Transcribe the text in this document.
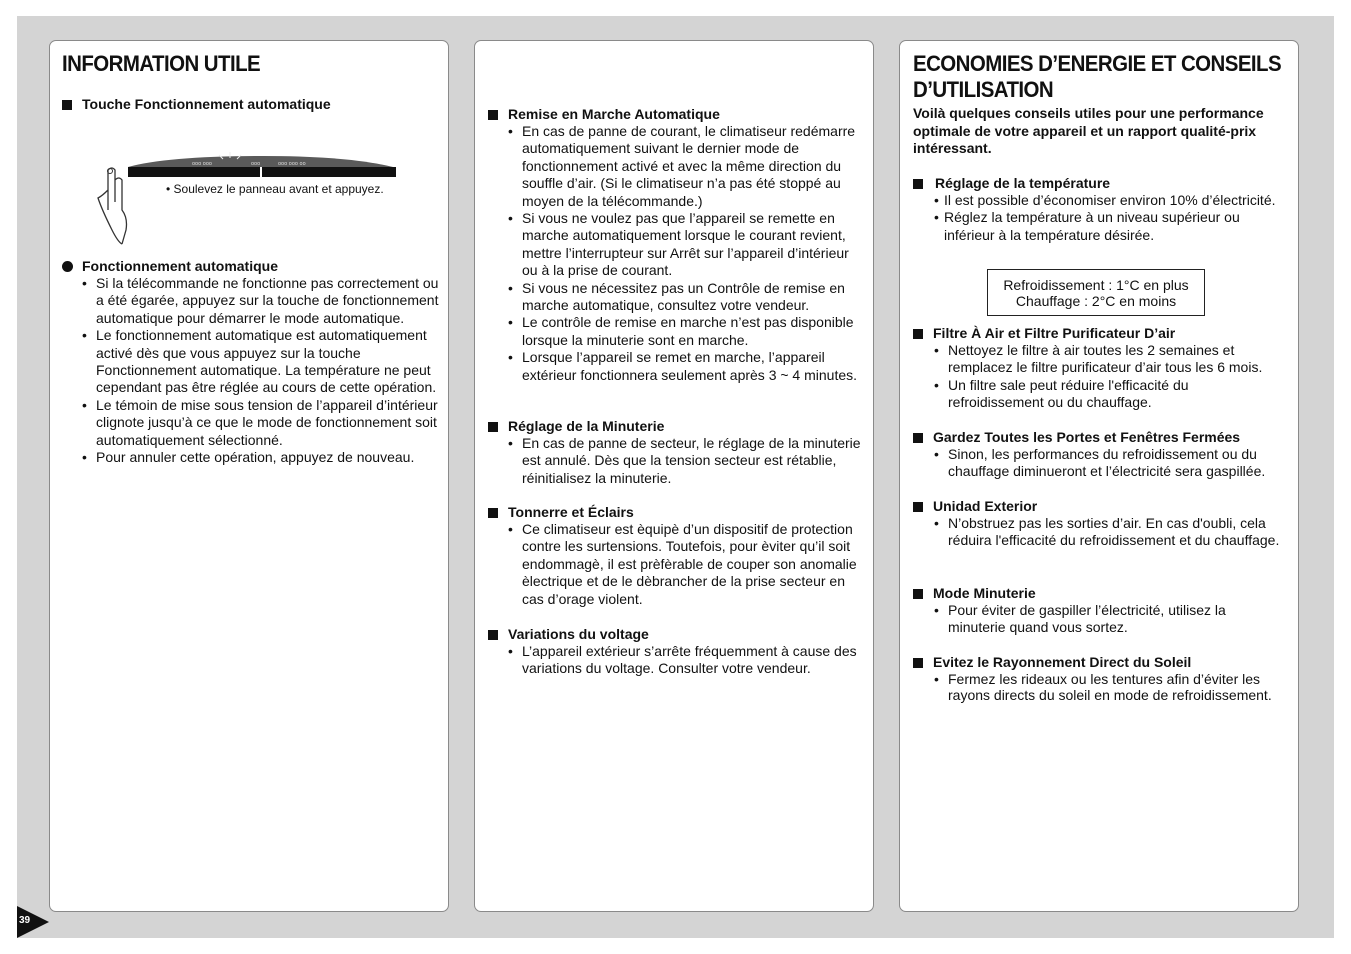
INFORMATION UTILE
Touche Fonctionnement automatique
ooo ooo	ooo	ooo ooo oo
• Soulevez le panneau avant et appuyez.
Fonctionnement automatique
• Si la télécommande ne fonctionne pas correctement ou a été égarée, appuyez sur la touche de fonctionnement automatique pour démarrer le mode automatique.
• Le fonctionnement automatique est automatiquement activé dès que vous appuyez sur la touche Fonctionnement automatique. La température ne peut cependant pas être réglée au cours de cette opération.
• Le témoin de mise sous tension de l’appareil d’intérieur clignote jusqu’à ce que le mode de fonctionnement soit automatiquement sélectionné.
• Pour annuler cette opération, appuyez de nouveau.
Remise en Marche Automatique
• En cas de panne de courant, le climatiseur redémarre automatiquement suivant le dernier mode de fonctionnement activé et avec la même direction du souffle d’air. (Si le climatiseur n’a pas été stoppé au moyen de la télécommande.)
• Si vous ne voulez pas que l’appareil se remette en marche automatiquement lorsque le courant revient, mettre l’interrupteur sur Arrêt sur l’appareil d’intérieur ou à la prise de courant.
• Si vous ne nécessitez pas un Contrôle de remise en marche automatique, consultez votre vendeur.
• Le contrôle de remise en marche n’est pas disponible lorsque la minuterie sont en marche.
• Lorsque l’appareil se remet en marche, l’appareil extérieur fonctionnera seulement après 3 ~ 4 minutes.
Réglage de la Minuterie
• En cas de panne de secteur, le réglage de la minuterie est annulé. Dès que la tension secteur est rétablie, réinitialisez la minuterie.
Tonnerre et Éclairs
• Ce climatiseur est èquipè d’un dispositif de protection contre les surtensions. Toutefois, pour èviter qu’il soit endommagè, il est prèfèrable de couper son anomalie èlectrique et de le dèbrancher de la prise secteur en cas d’orage violent.
Variations du voltage
• L’appareil extérieur s’arrête fréquemment à cause des variations du voltage. Consulter votre vendeur.
ECONOMIES D’ENERGIE ET CONSEILS
D’UTILISATION
Voilà quelques conseils utiles pour une performance optimale de votre appareil et un rapport qualité-prix intéressant.
Réglage de la température
• Il est possible d’économiser environ 10% d’électricité.
• Réglez la température à un niveau supérieur ou inférieur à la température désirée.
Refroidissement : 1°C en plus
Chauffage : 2°C en moins
Filtre À Air et Filtre Purificateur D’air
• Nettoyez le filtre à air toutes les 2 semaines et remplacez le filtre purificateur d’air tous les 6 mois.
• Un filtre sale peut réduire l'efficacité du refroidissement ou du chauffage.
Gardez Toutes les Portes et Fenêtres Fermées
• Sinon, les performances du refroidissement ou du chauffage diminueront et l’électricité sera gaspillée.
Unidad Exterior
• N’obstruez pas les sorties d’air. En cas d'oubli, cela réduira l'efficacité du refroidissement et du chauffage.
Mode Minuterie
• Pour éviter de gaspiller l’électricité, utilisez la minuterie quand vous sortez.
Evitez le Rayonnement Direct du Soleil
• Fermez les rideaux ou les tentures afin d’éviter les rayons directs du soleil en mode de refroidissement.
39
